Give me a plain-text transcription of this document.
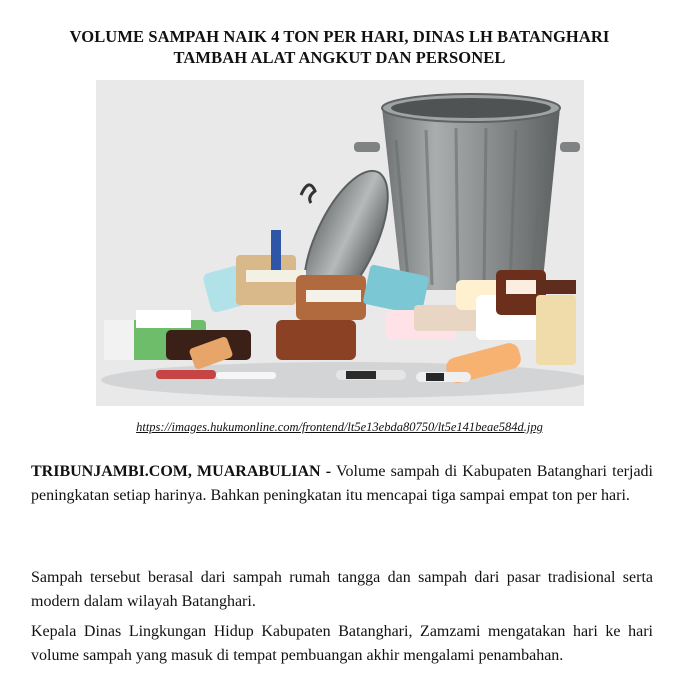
VOLUME SAMPAH NAIK 4 TON PER HARI, DINAS LH BATANGHARI
TAMBAH ALAT ANGKUT DAN PERSONEL
https://images.hukumonline.com/frontend/lt5e13ebda80750/lt5e141beae584d.jpg
TRIBUNJAMBI.COM, MUARABULIAN - Volume sampah di Kabupaten Batanghari terjadi peningkatan setiap harinya. Bahkan peningkatan itu mencapai tiga sampai empat ton per hari.
Sampah tersebut berasal dari sampah rumah tangga dan sampah dari pasar tradisional serta modern dalam wilayah Batanghari.
Kepala Dinas Lingkungan Hidup Kabupaten Batanghari, Zamzami mengatakan hari ke hari volume sampah yang masuk di tempat pembuangan akhir mengalami penambahan.
